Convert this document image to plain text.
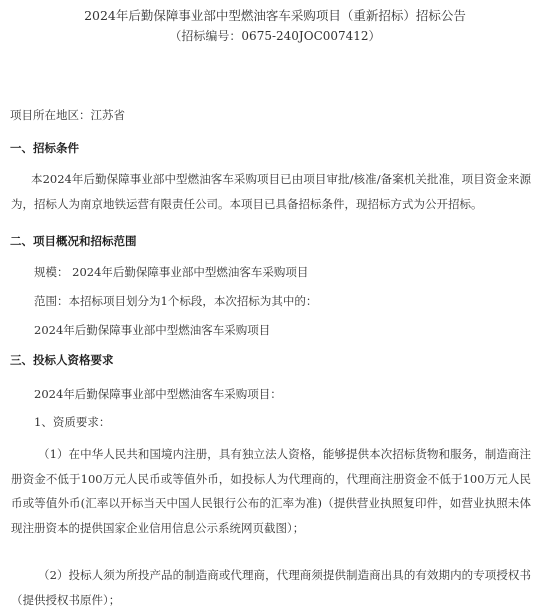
2024年后勤保障事业部中型燃油客车采购项目（重新招标）招标公告
（招标编号：0675-240JOC007412）
项目所在地区：江苏省
一、招标条件
本2024年后勤保障事业部中型燃油客车采购项目已由项目审批/核准/备案机关批准，项目资金来源为，招标人为南京地铁运营有限责任公司。本项目已具备招标条件，现招标方式为公开招标。
二、项目概况和招标范围
规模： 2024年后勤保障事业部中型燃油客车采购项目
范围：本招标项目划分为1个标段，本次招标为其中的：
2024年后勤保障事业部中型燃油客车采购项目
三、投标人资格要求
2024年后勤保障事业部中型燃油客车采购项目：
1、资质要求：
（1）在中华人民共和国境内注册，具有独立法人资格，能够提供本次招标货物和服务，制造商注册资金不低于100万元人民币或等值外币，如投标人为代理商的，代理商注册资金不低于100万元人民币或等值外币(汇率以开标当天中国人民银行公布的汇率为准)（提供营业执照复印件，如营业执照未体现注册资本的提供国家企业信用信息公示系统网页截图）；
（2）投标人须为所投产品的制造商或代理商，代理商须提供制造商出具的有效期内的专项授权书（提供授权书原件）；
